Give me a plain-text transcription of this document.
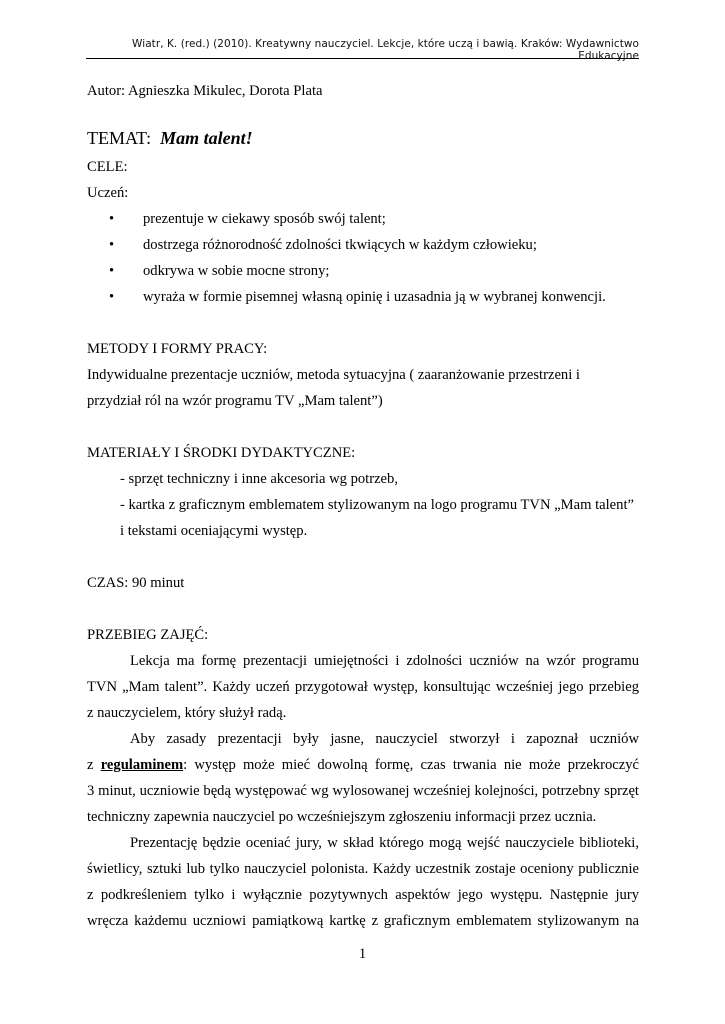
Wiatr, K. (red.) (2010). Kreatywny nauczyciel. Lekcje, które uczą i bawią. Kraków: Wydawnictwo Edukacyjne

Autor: Agnieszka Mikulec, Dorota Plata

TEMAT: Mam talent!

CELE:

Uczeń:

• prezentuje w ciekawy sposób swój talent;
• dostrzega różnorodność zdolności tkwiących w każdym człowieku;
• odkrywa w sobie mocne strony;
• wyraża w formie pisemnej własną opinię i uzasadnia ją w wybranej konwencji.

METODY I FORMY PRACY:

Indywidualne prezentacje uczniów, metoda sytuacyjna ( zaaranżowanie przestrzeni i

przydział ról na wzór programu TV „Mam talent”)

MATERIAŁY I ŚRODKI DYDAKTYCZNE:

- sprzęt techniczny i inne akcesoria wg potrzeb,

- kartka z graficznym emblematem stylizowanym na logo programu TVN „Mam talent”

i tekstami oceniającymi występ.

CZAS: 90 minut

PRZEBIEG ZAJĘĆ:

Lekcja ma formę prezentacji umiejętności i zdolności uczniów na wzór programu
TVN „Mam talent”. Każdy uczeń przygotował występ, konsultując wcześniej jego przebieg
z nauczycielem, który służył radą.
Aby zasady prezentacji były jasne, nauczyciel stworzył i zapoznał uczniów
z regulaminem: występ może mieć dowolną formę, czas trwania nie może przekroczyć
3 minut, uczniowie będą występować wg wylosowanej wcześniej kolejności, potrzebny sprzęt
techniczny zapewnia nauczyciel po wcześniejszym zgłoszeniu informacji przez ucznia.
Prezentację będzie oceniać jury, w skład którego mogą wejść nauczyciele biblioteki,
świetlicy, sztuki lub tylko nauczyciel polonista. Każdy uczestnik zostaje oceniony publicznie
z podkreśleniem tylko i wyłącznie pozytywnych aspektów jego występu. Następnie jury
wręcza każdemu uczniowi pamiątkową kartkę z graficznym emblematem stylizowanym na
1
